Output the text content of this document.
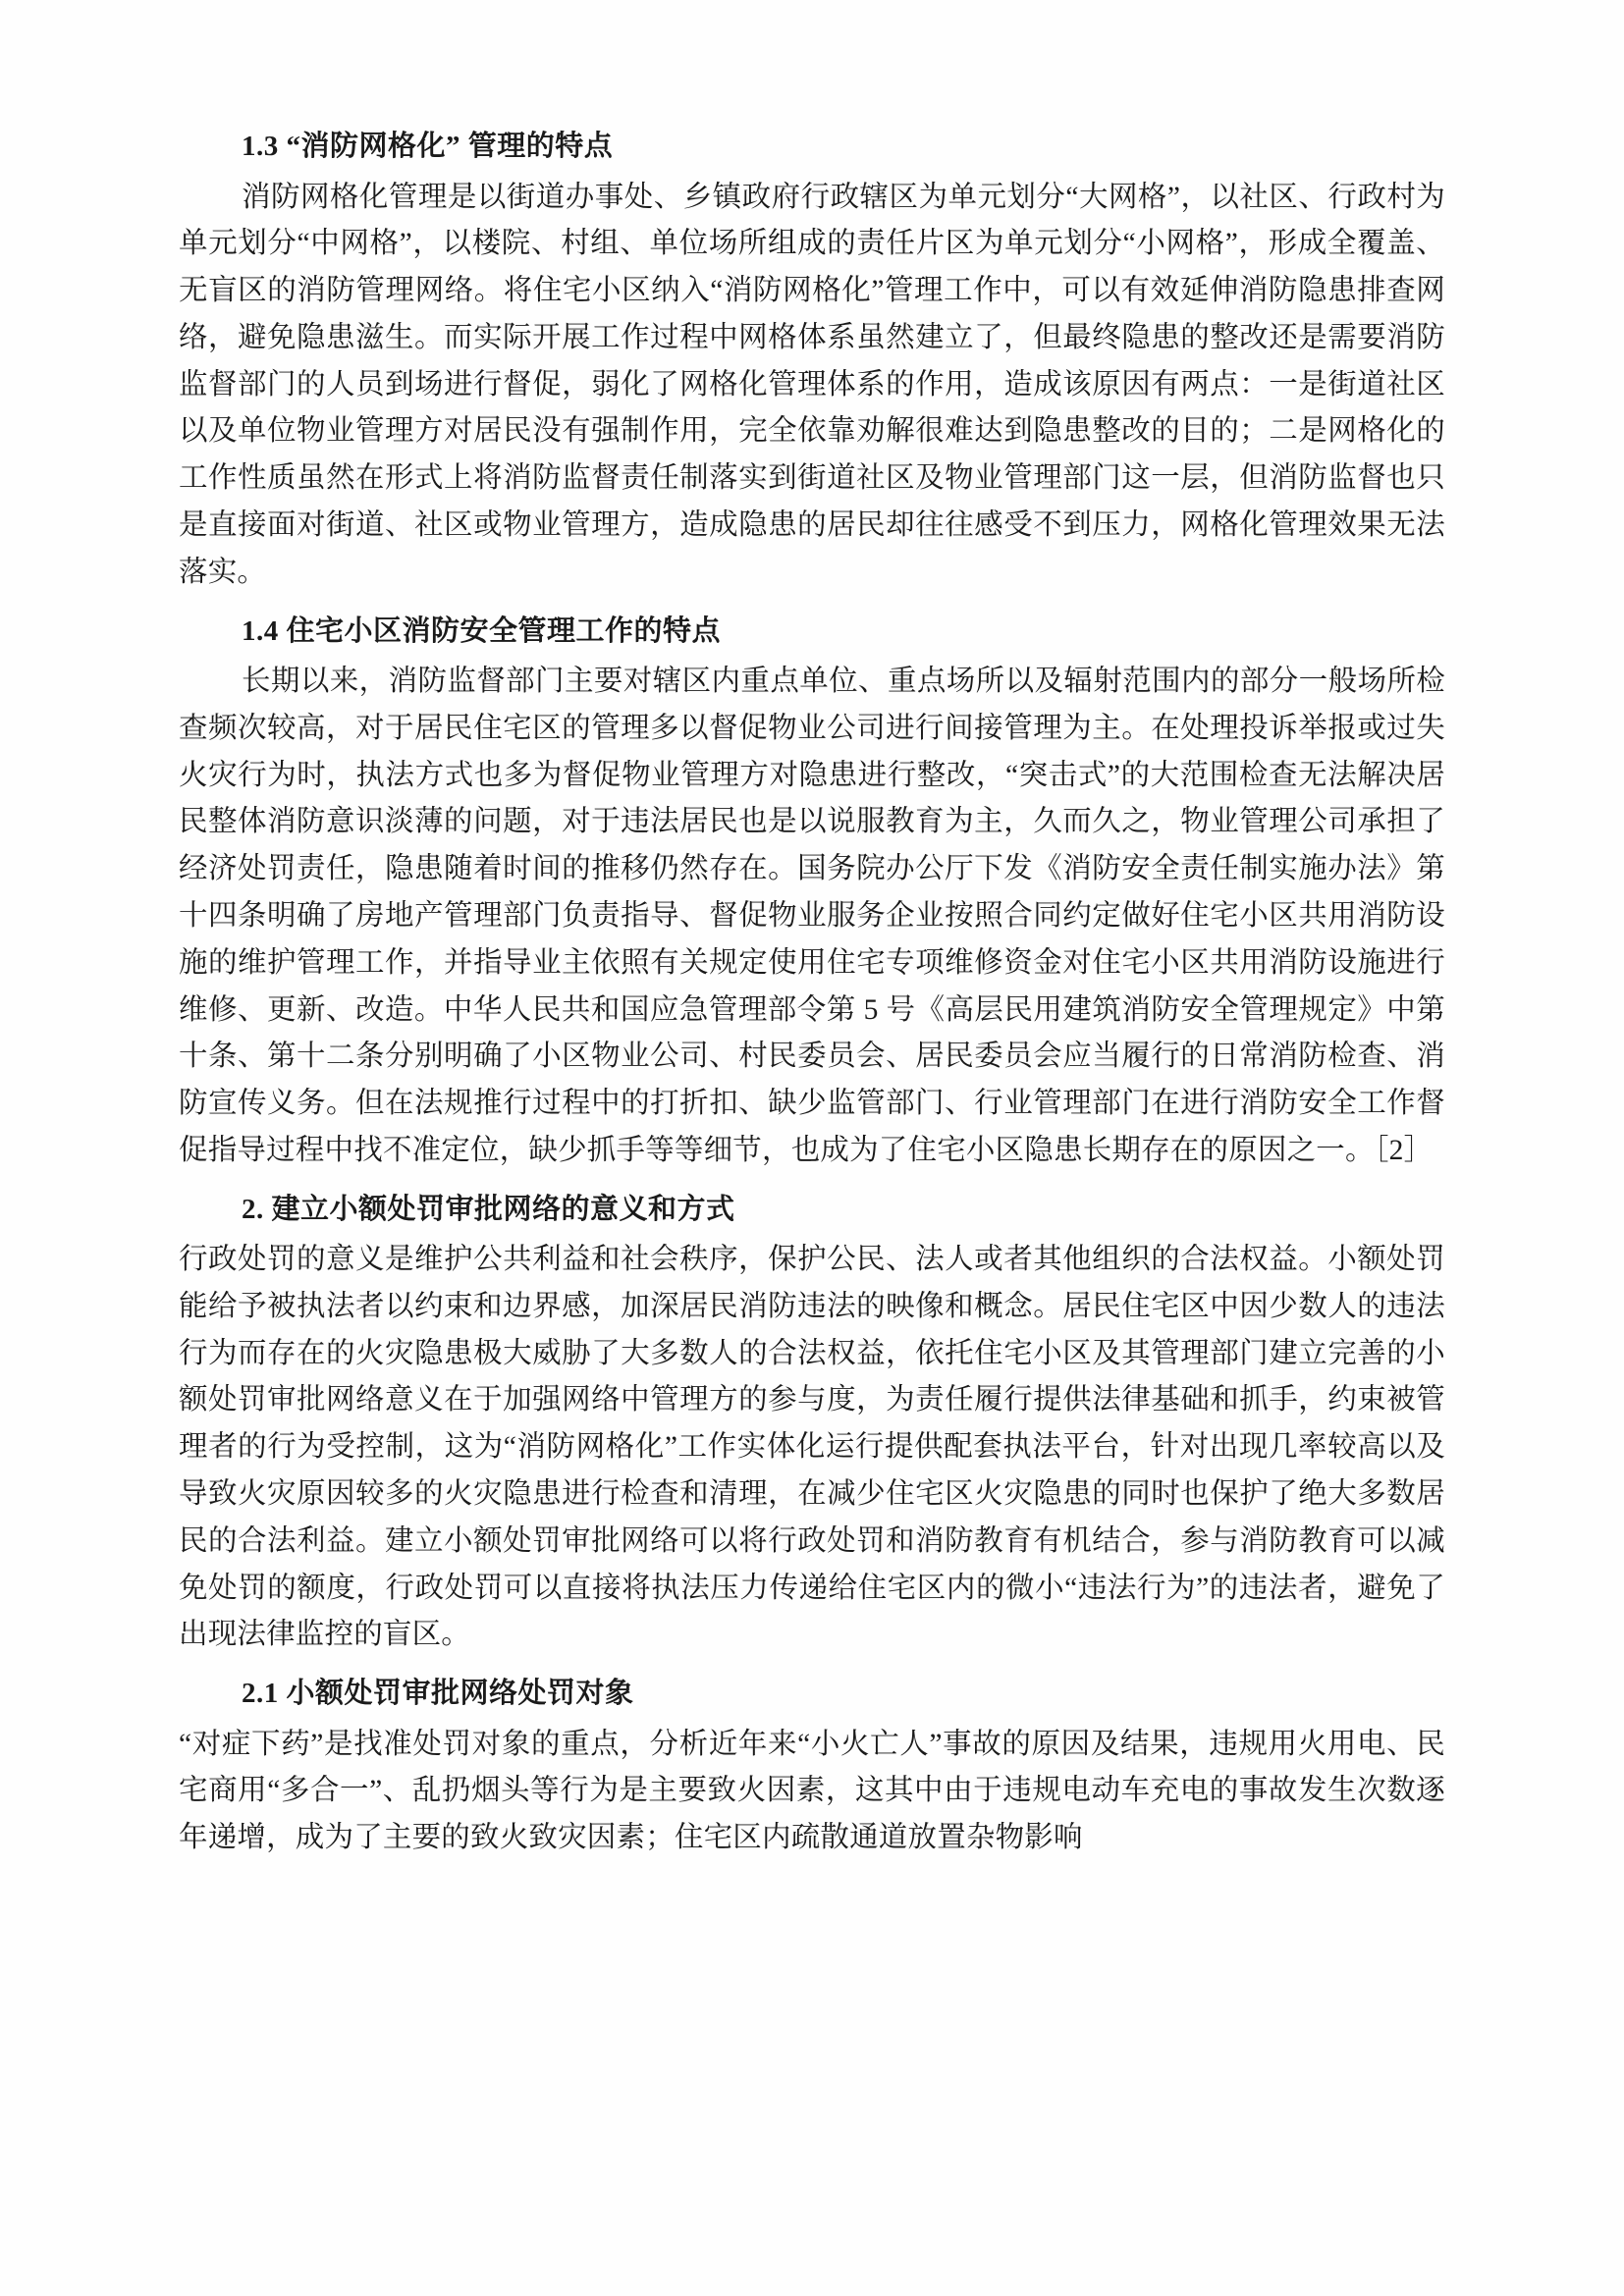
1.3 “消防网格化” 管理的特点

消防网格化管理是以街道办事处、乡镇政府行政辖区为单元划分“大网格”，以社区、行政村为单元划分“中网格”，以楼院、村组、单位场所组成的责任片区为单元划分“小网格”，形成全覆盖、无盲区的消防管理网络。将住宅小区纳入“消防网格化”管理工作中，可以有效延伸消防隐患排查网络，避免隐患滋生。而实际开展工作过程中网格体系虽然建立了，但最终隐患的整改还是需要消防监督部门的人员到场进行督促，弱化了网格化管理体系的作用，造成该原因有两点：一是街道社区以及单位物业管理方对居民没有强制作用，完全依靠劝解很难达到隐患整改的目的；二是网格化的工作性质虽然在形式上将消防监督责任制落实到街道社区及物业管理部门这一层，但消防监督也只是直接面对街道、社区或物业管理方，造成隐患的居民却往往感受不到压力，网格化管理效果无法落实。

1.4 住宅小区消防安全管理工作的特点

长期以来，消防监督部门主要对辖区内重点单位、重点场所以及辐射范围内的部分一般场所检查频次较高，对于居民住宅区的管理多以督促物业公司进行间接管理为主。在处理投诉举报或过失火灾行为时，执法方式也多为督促物业管理方对隐患进行整改，“突击式”的大范围检查无法解决居民整体消防意识淡薄的问题，对于违法居民也是以说服教育为主，久而久之，物业管理公司承担了经济处罚责任，隐患随着时间的推移仍然存在。国务院办公厅下发《消防安全责任制实施办法》第十四条明确了房地产管理部门负责指导、督促物业服务企业按照合同约定做好住宅小区共用消防设施的维护管理工作，并指导业主依照有关规定使用住宅专项维修资金对住宅小区共用消防设施进行维修、更新、改造。中华人民共和国应急管理部令第 5 号《高层民用建筑消防安全管理规定》中第十条、第十二条分别明确了小区物业公司、村民委员会、居民委员会应当履行的日常消防检查、消防宣传义务。但在法规推行过程中的打折扣、缺少监管部门、行业管理部门在进行消防安全工作督促指导过程中找不准定位，缺少抓手等等细节，也成为了住宅小区隐患长期存在的原因之一。［2］

2. 建立小额处罚审批网络的意义和方式

行政处罚的意义是维护公共利益和社会秩序，保护公民、法人或者其他组织的合法权益。小额处罚能给予被执法者以约束和边界感，加深居民消防违法的映像和概念。居民住宅区中因少数人的违法行为而存在的火灾隐患极大威胁了大多数人的合法权益，依托住宅小区及其管理部门建立完善的小额处罚审批网络意义在于加强网络中管理方的参与度，为责任履行提供法律基础和抓手，约束被管理者的行为受控制，这为“消防网格化”工作实体化运行提供配套执法平台，针对出现几率较高以及导致火灾原因较多的火灾隐患进行检查和清理，在减少住宅区火灾隐患的同时也保护了绝大多数居民的合法利益。建立小额处罚审批网络可以将行政处罚和消防教育有机结合，参与消防教育可以减免处罚的额度，行政处罚可以直接将执法压力传递给住宅区内的微小“违法行为”的违法者，避免了出现法律监控的盲区。

2.1 小额处罚审批网络处罚对象

“对症下药”是找准处罚对象的重点，分析近年来“小火亡人”事故的原因及结果，违规用火用电、民宅商用“多合一”、乱扔烟头等行为是主要致火因素，这其中由于违规电动车充电的事故发生次数逐年递增，成为了主要的致火致灾因素；住宅区内疏散通道放置杂物影响
